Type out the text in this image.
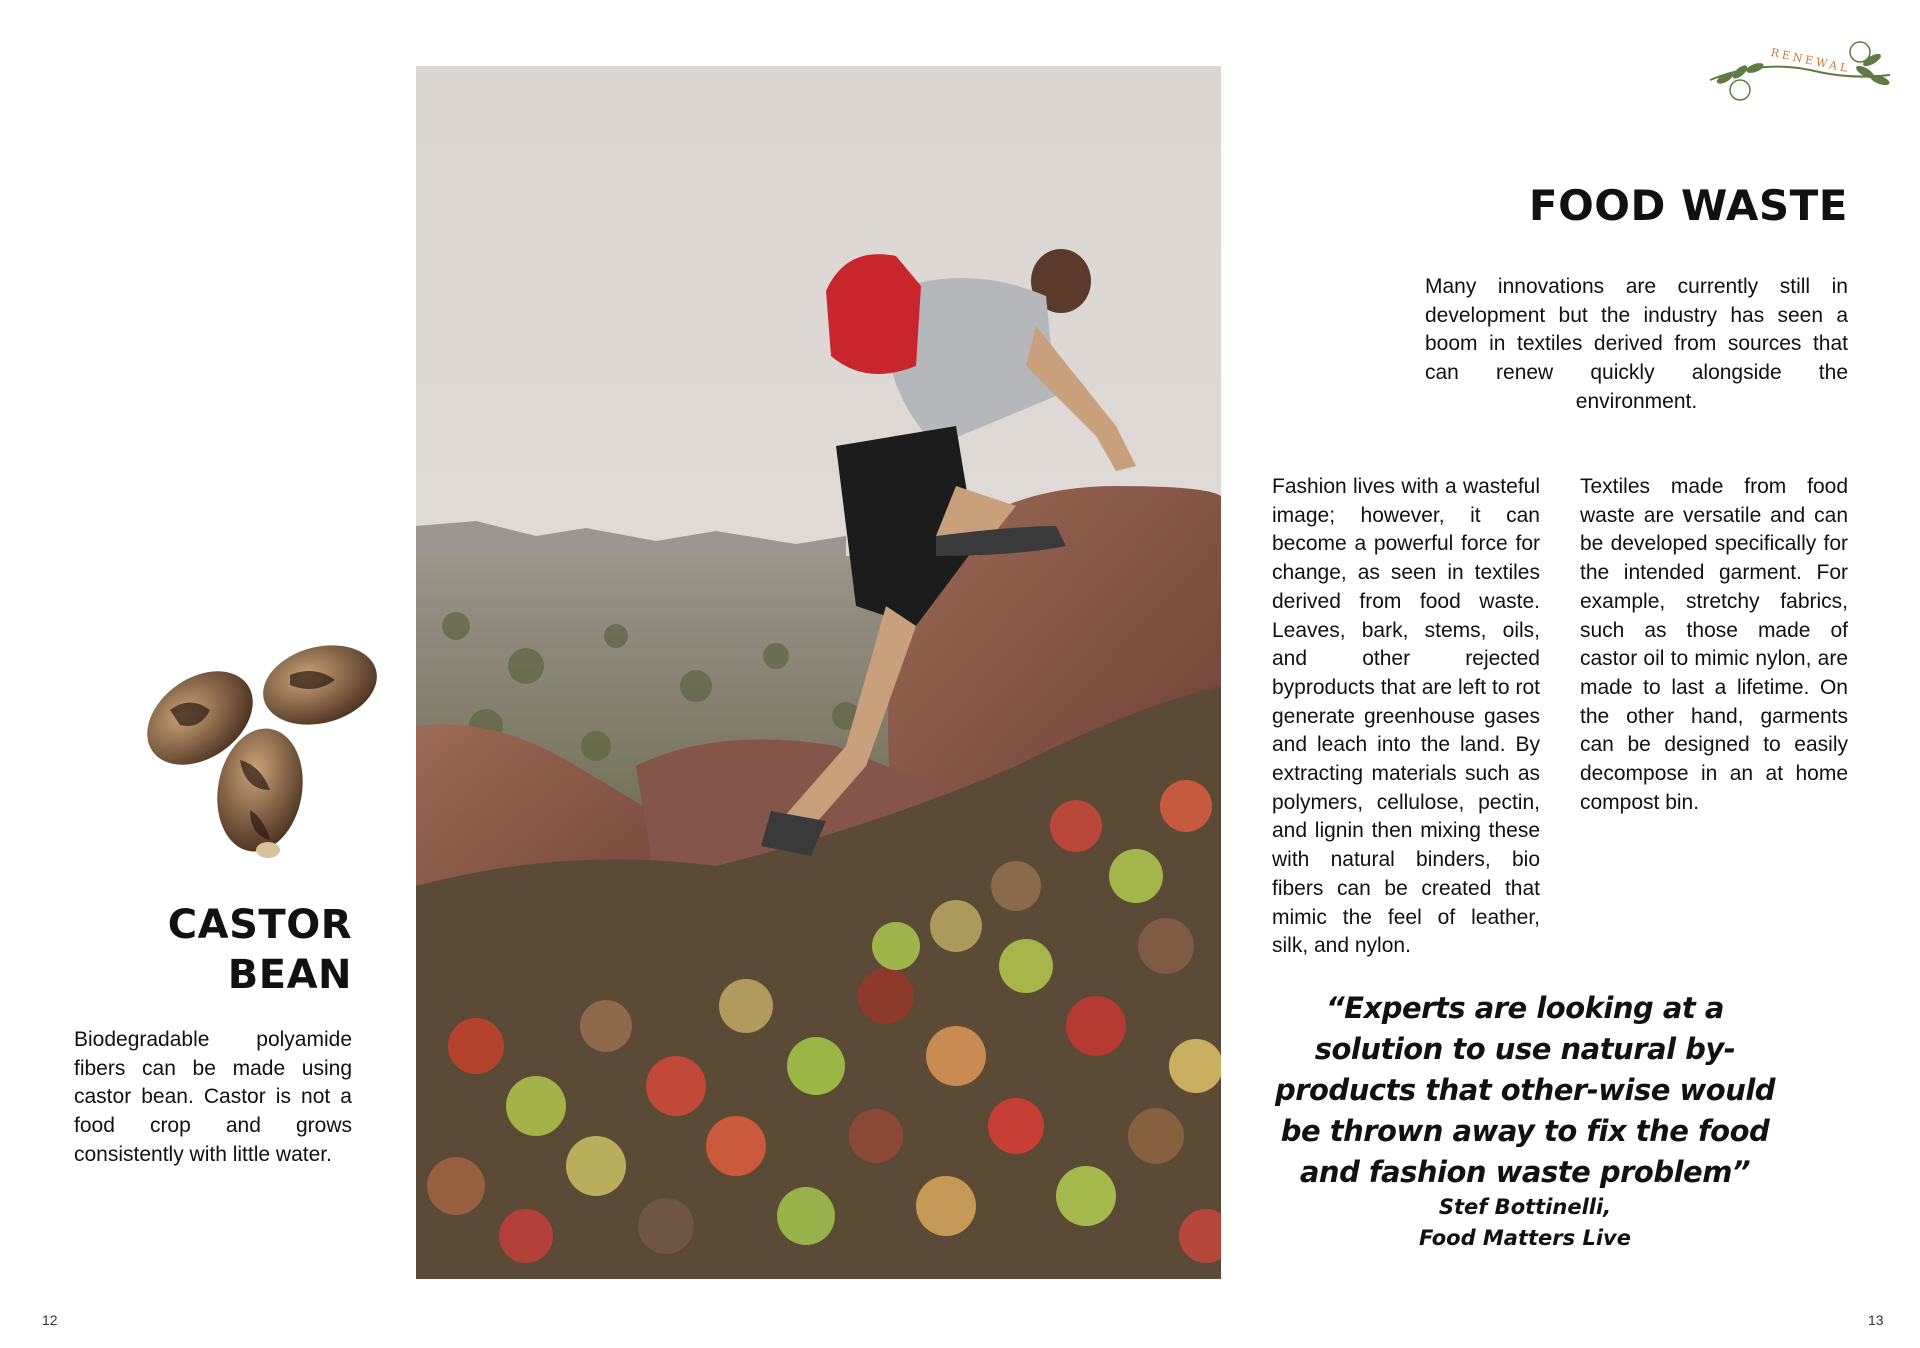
RENEWAL
CASTOR BEAN
Biodegradable polyamide fibers can be made using castor bean. Castor is not a food crop and grows consistently with little water.
12
FOOD WASTE
Many innovations are currently still in development but the industry has seen a boom in textiles derived from sources that can renew quickly alongside the environment.
Fashion lives with a wasteful image; however, it can become a powerful force for change, as seen in textiles derived from food waste. Leaves, bark, stems, oils, and other rejected byproducts that are left to rot generate greenhouse gases and leach into the land. By extracting materials such as polymers, cellulose, pectin, and lignin then mixing these with natural binders, bio fibers can be created that mimic the feel of leather, silk, and nylon.
Textiles made from food waste are versatile and can be developed specifically for the intended garment. For example, stretchy fabrics, such as those made of castor oil to mimic nylon, are made to last a lifetime. On the other hand, garments can be designed to easily decompose in an at home compost bin.
“Experts are looking at a solution to use natural by-products that other-wise would be thrown away to fix the food and fashion waste problem”
Stef Bottinelli,
Food Matters Live
13
